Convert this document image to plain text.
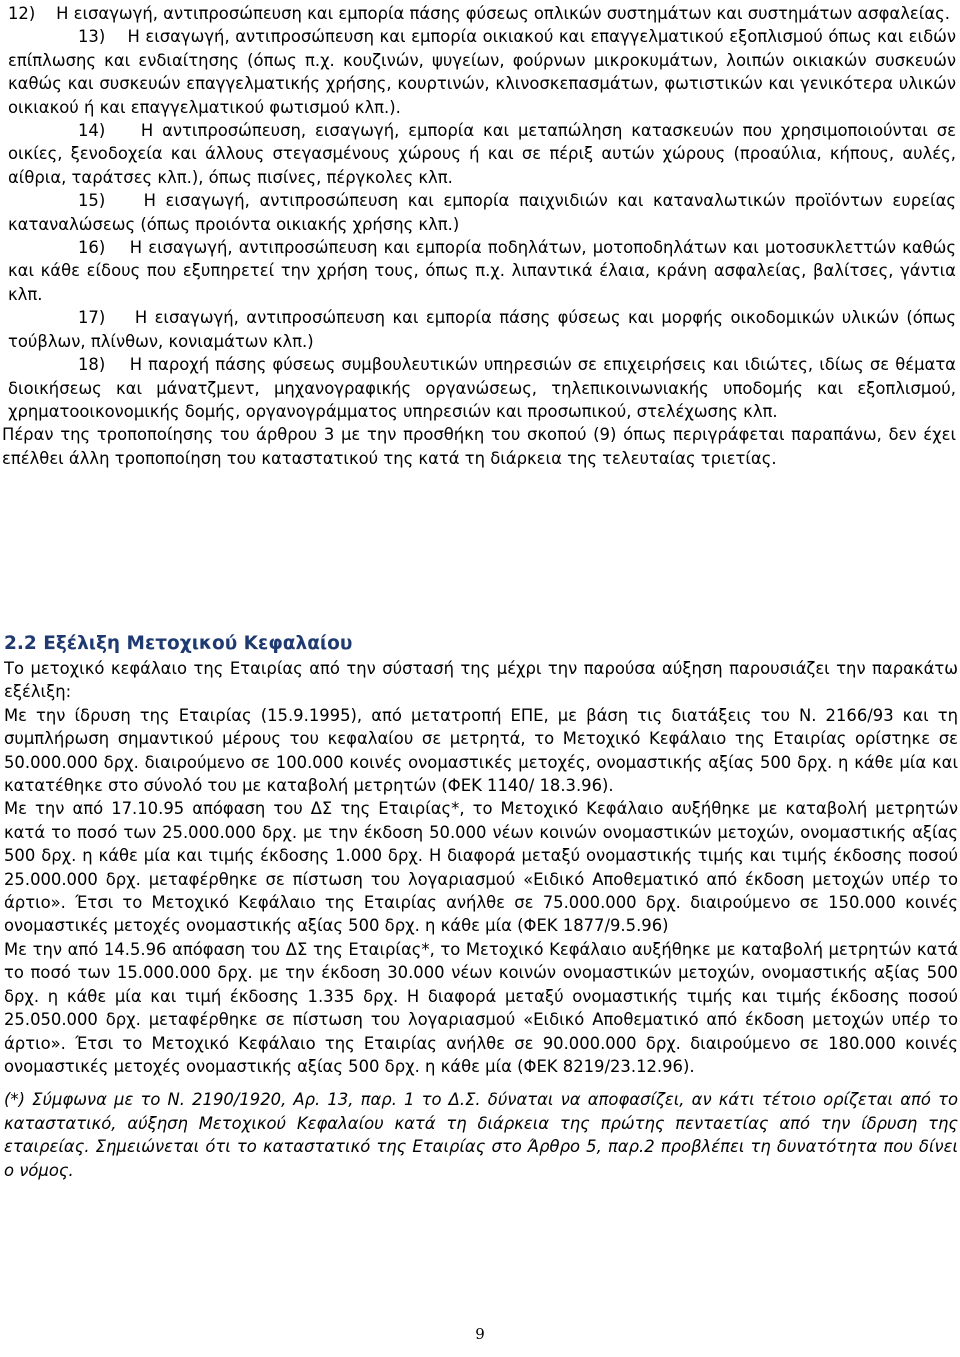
12)    Η εισαγωγή, αντιπροσώπευση και εμπορία πάσης φύσεως οπλικών συστημάτων και συστημάτων ασφαλείας.

13)    Η εισαγωγή, αντιπροσώπευση και εμπορία οικιακού και επαγγελματικού εξοπλισμού όπως και ειδών επίπλωσης και ενδιαίτησης (όπως π.χ. κουζινών, ψυγείων, φούρνων μικροκυμάτων, λοιπών οικιακών συσκευών καθώς και συσκευών επαγγελματικής χρήσης, κουρτινών, κλινοσκεπασμάτων, φωτιστικών και γενικότερα υλικών οικιακού ή και επαγγελματικού φωτισμού κλπ.).

14)    Η αντιπροσώπευση, εισαγωγή, εμπορία και μεταπώληση κατασκευών που χρησιμοποιούνται σε οικίες, ξενοδοχεία και άλλους στεγασμένους χώρους ή και σε πέριξ αυτών χώρους (προαύλια, κήπους, αυλές, αίθρια, ταράτσες κλπ.), όπως πισίνες, πέργκολες κλπ.

15)    Η εισαγωγή, αντιπροσώπευση και εμπορία παιχνιδιών και καταναλωτικών προϊόντων ευρείας καταναλώσεως (όπως προιόντα οικιακής χρήσης κλπ.)

16)    Η εισαγωγή, αντιπροσώπευση και εμπορία ποδηλάτων, μοτοποδηλάτων και μοτοσυκλεττών καθώς και κάθε είδους που εξυπηρετεί την χρήση τους, όπως π.χ. λιπαντικά έλαια, κράνη ασφαλείας, βαλίτσες, γάντια κλπ.

17)    Η εισαγωγή, αντιπροσώπευση και εμπορία πάσης φύσεως και μορφής οικοδομικών υλικών (όπως τούβλων, πλίνθων, κονιαμάτων κλπ.)

18)    Η παροχή πάσης φύσεως συμβουλευτικών υπηρεσιών σε επιχειρήσεις και ιδιώτες, ιδίως σε θέματα διοικήσεως και μάνατζμεντ, μηχανογραφικής οργανώσεως, τηλεπικοινωνιακής υποδομής και εξοπλισμού, χρηματοοικονομικής δομής, οργανογράμματος υπηρεσιών και προσωπικού, στελέχωσης κλπ.

Πέραν της τροποποίησης του άρθρου 3 με την προσθήκη του σκοπού (9) όπως περιγράφεται παραπάνω, δεν έχει επέλθει άλλη τροποποίηση του καταστατικού της κατά τη διάρκεια της τελευταίας τριετίας.

2.2 Εξέλιξη Μετοχικού Κεφαλαίου

Το μετοχικό κεφάλαιο της Εταιρίας από την σύστασή της μέχρι την παρούσα αύξηση παρουσιάζει την παρακάτω εξέλιξη:

Με την ίδρυση της Εταιρίας (15.9.1995), από μετατροπή ΕΠΕ, με βάση τις διατάξεις του Ν. 2166/93 και τη συμπλήρωση σημαντικού μέρους του κεφαλαίου σε μετρητά, το Μετοχικό Κεφάλαιο της Εταιρίας ορίστηκε σε 50.000.000 δρχ. διαιρούμενο σε 100.000 κοινές ονομαστικές μετοχές, ονομαστικής αξίας 500 δρχ. η κάθε μία και κατατέθηκε στο σύνολό του με καταβολή μετρητών (ΦΕΚ 1140/ 18.3.96).

Με την από 17.10.95 απόφαση του ΔΣ της Εταιρίας*, το Μετοχικό Κεφάλαιο αυξήθηκε με καταβολή μετρητών κατά το ποσό των 25.000.000 δρχ. με την έκδοση 50.000 νέων κοινών ονομαστικών μετοχών, ονομαστικής αξίας 500 δρχ. η κάθε μία και τιμής έκδοσης 1.000 δρχ. Η διαφορά μεταξύ ονομαστικής τιμής και τιμής έκδοσης ποσού 25.000.000 δρχ. μεταφέρθηκε σε πίστωση του λογαριασμού «Ειδικό Αποθεματικό από έκδοση μετοχών υπέρ το άρτιο». Έτσι το Μετοχικό Κεφάλαιο της Εταιρίας ανήλθε σε 75.000.000 δρχ. διαιρούμενο σε 150.000 κοινές ονομαστικές μετοχές ονομαστικής αξίας 500 δρχ. η κάθε μία (ΦΕΚ 1877/9.5.96)

Με την από 14.5.96 απόφαση του ΔΣ της Εταιρίας*, το Μετοχικό Κεφάλαιο αυξήθηκε με καταβολή μετρητών κατά το ποσό των 15.000.000 δρχ. με την έκδοση 30.000 νέων κοινών ονομαστικών μετοχών, ονομαστικής αξίας 500 δρχ. η κάθε μία και τιμή έκδοσης 1.335 δρχ. Η διαφορά μεταξύ ονομαστικής τιμής και τιμής έκδοσης ποσού 25.050.000 δρχ. μεταφέρθηκε σε πίστωση του λογαριασμού «Ειδικό Αποθεματικό από έκδοση μετοχών υπέρ το άρτιο». Έτσι το Μετοχικό Κεφάλαιο της Εταιρίας ανήλθε σε 90.000.000 δρχ. διαιρούμενο σε 180.000 κοινές ονομαστικές μετοχές ονομαστικής αξίας 500 δρχ. η κάθε μία (ΦΕΚ 8219/23.12.96).

(*) Σύμφωνα με το Ν. 2190/1920, Αρ. 13, παρ. 1 το Δ.Σ. δύναται να αποφασίζει, αν κάτι τέτοιο ορίζεται από το καταστατικό, αύξηση Μετοχικού Κεφαλαίου κατά τη διάρκεια της πρώτης πενταετίας από την ίδρυση της εταιρείας. Σημειώνεται ότι το καταστατικό της Εταιρίας στο Άρθρο 5, παρ.2 προβλέπει τη δυνατότητα που δίνει ο νόμος.

9
